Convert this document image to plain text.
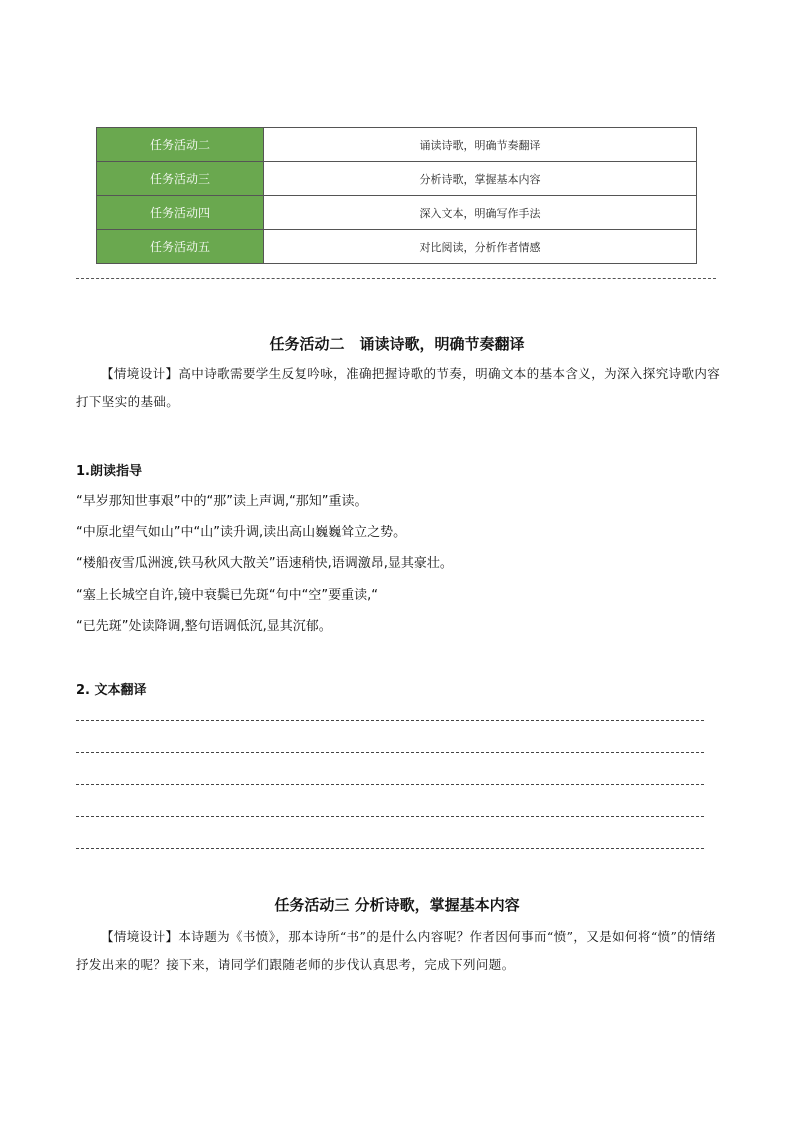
任务活动二	诵读诗歌，明确节奏翻译
任务活动三	分析诗歌，掌握基本内容
任务活动四	深入文本，明确写作手法
任务活动五	对比阅读，分析作者情感
任务活动二　诵读诗歌，明确节奏翻译
【情境设计】高中诗歌需要学生反复吟咏，准确把握诗歌的节奏，明确文本的基本含义，为深入探究诗歌内容打下坚实的基础。
1.朗读指导
“早岁那知世事艰”中的“那”读上声调,“那知”重读。
“中原北望气如山”中“山”读升调,读出高山巍巍耸立之势。
“楼船夜雪瓜洲渡,铁马秋风大散关”语速稍快,语调激昂,显其豪壮。
“塞上长城空自许,镜中衰鬓已先斑“句中“空”要重读,“
“已先斑”处读降调,整句语调低沉,显其沉郁。
2. 文本翻译
任务活动三 分析诗歌，掌握基本内容
【情境设计】本诗题为《书愤》，那本诗所“书”的是什么内容呢？作者因何事而“愤”，又是如何将“愤”的情绪抒发出来的呢？接下来，请同学们跟随老师的步伐认真思考，完成下列问题。
